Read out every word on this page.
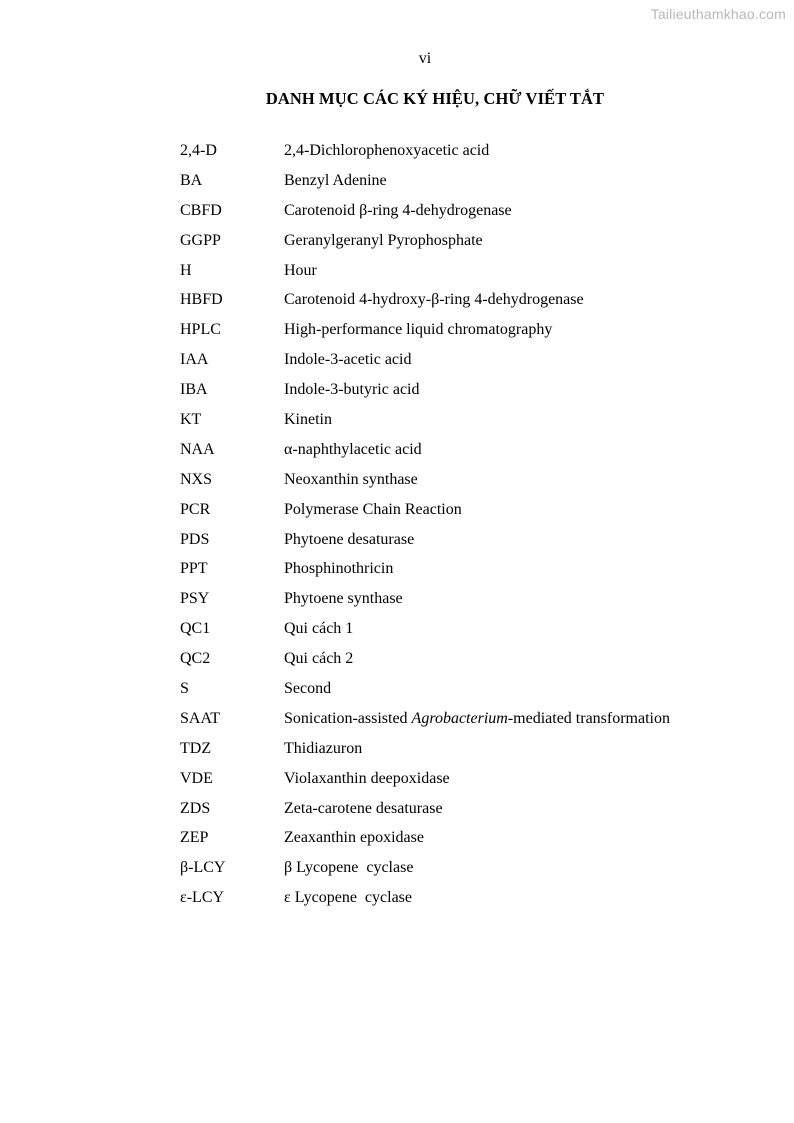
Tailieuthamkhao.com
vi
DANH MỤC CÁC KÝ HIỆU, CHỮ VIẾT TẮT
2,4-D	2,4-Dichlorophenoxyacetic acid
BA	Benzyl Adenine
CBFD	Carotenoid β-ring 4-dehydrogenase
GGPP	Geranylgeranyl Pyrophosphate
H	Hour
HBFD	Carotenoid 4-hydroxy-β-ring 4-dehydrogenase
HPLC	High-performance liquid chromatography
IAA	Indole-3-acetic acid
IBA	Indole-3-butyric acid
KT	Kinetin
NAA	α-naphthylacetic acid
NXS	Neoxanthin synthase
PCR	Polymerase Chain Reaction
PDS	Phytoene desaturase
PPT	Phosphinothricin
PSY	Phytoene synthase
QC1	Qui cách 1
QC2	Qui cách 2
S	Second
SAAT	Sonication-assisted Agrobacterium-mediated transformation
TDZ	Thidiazuron
VDE	Violaxanthin deepoxidase
ZDS	Zeta-carotene desaturase
ZEP	Zeaxanthin epoxidase
β-LCY	β Lycopene  cyclase
ε-LCY	ε Lycopene  cyclase
